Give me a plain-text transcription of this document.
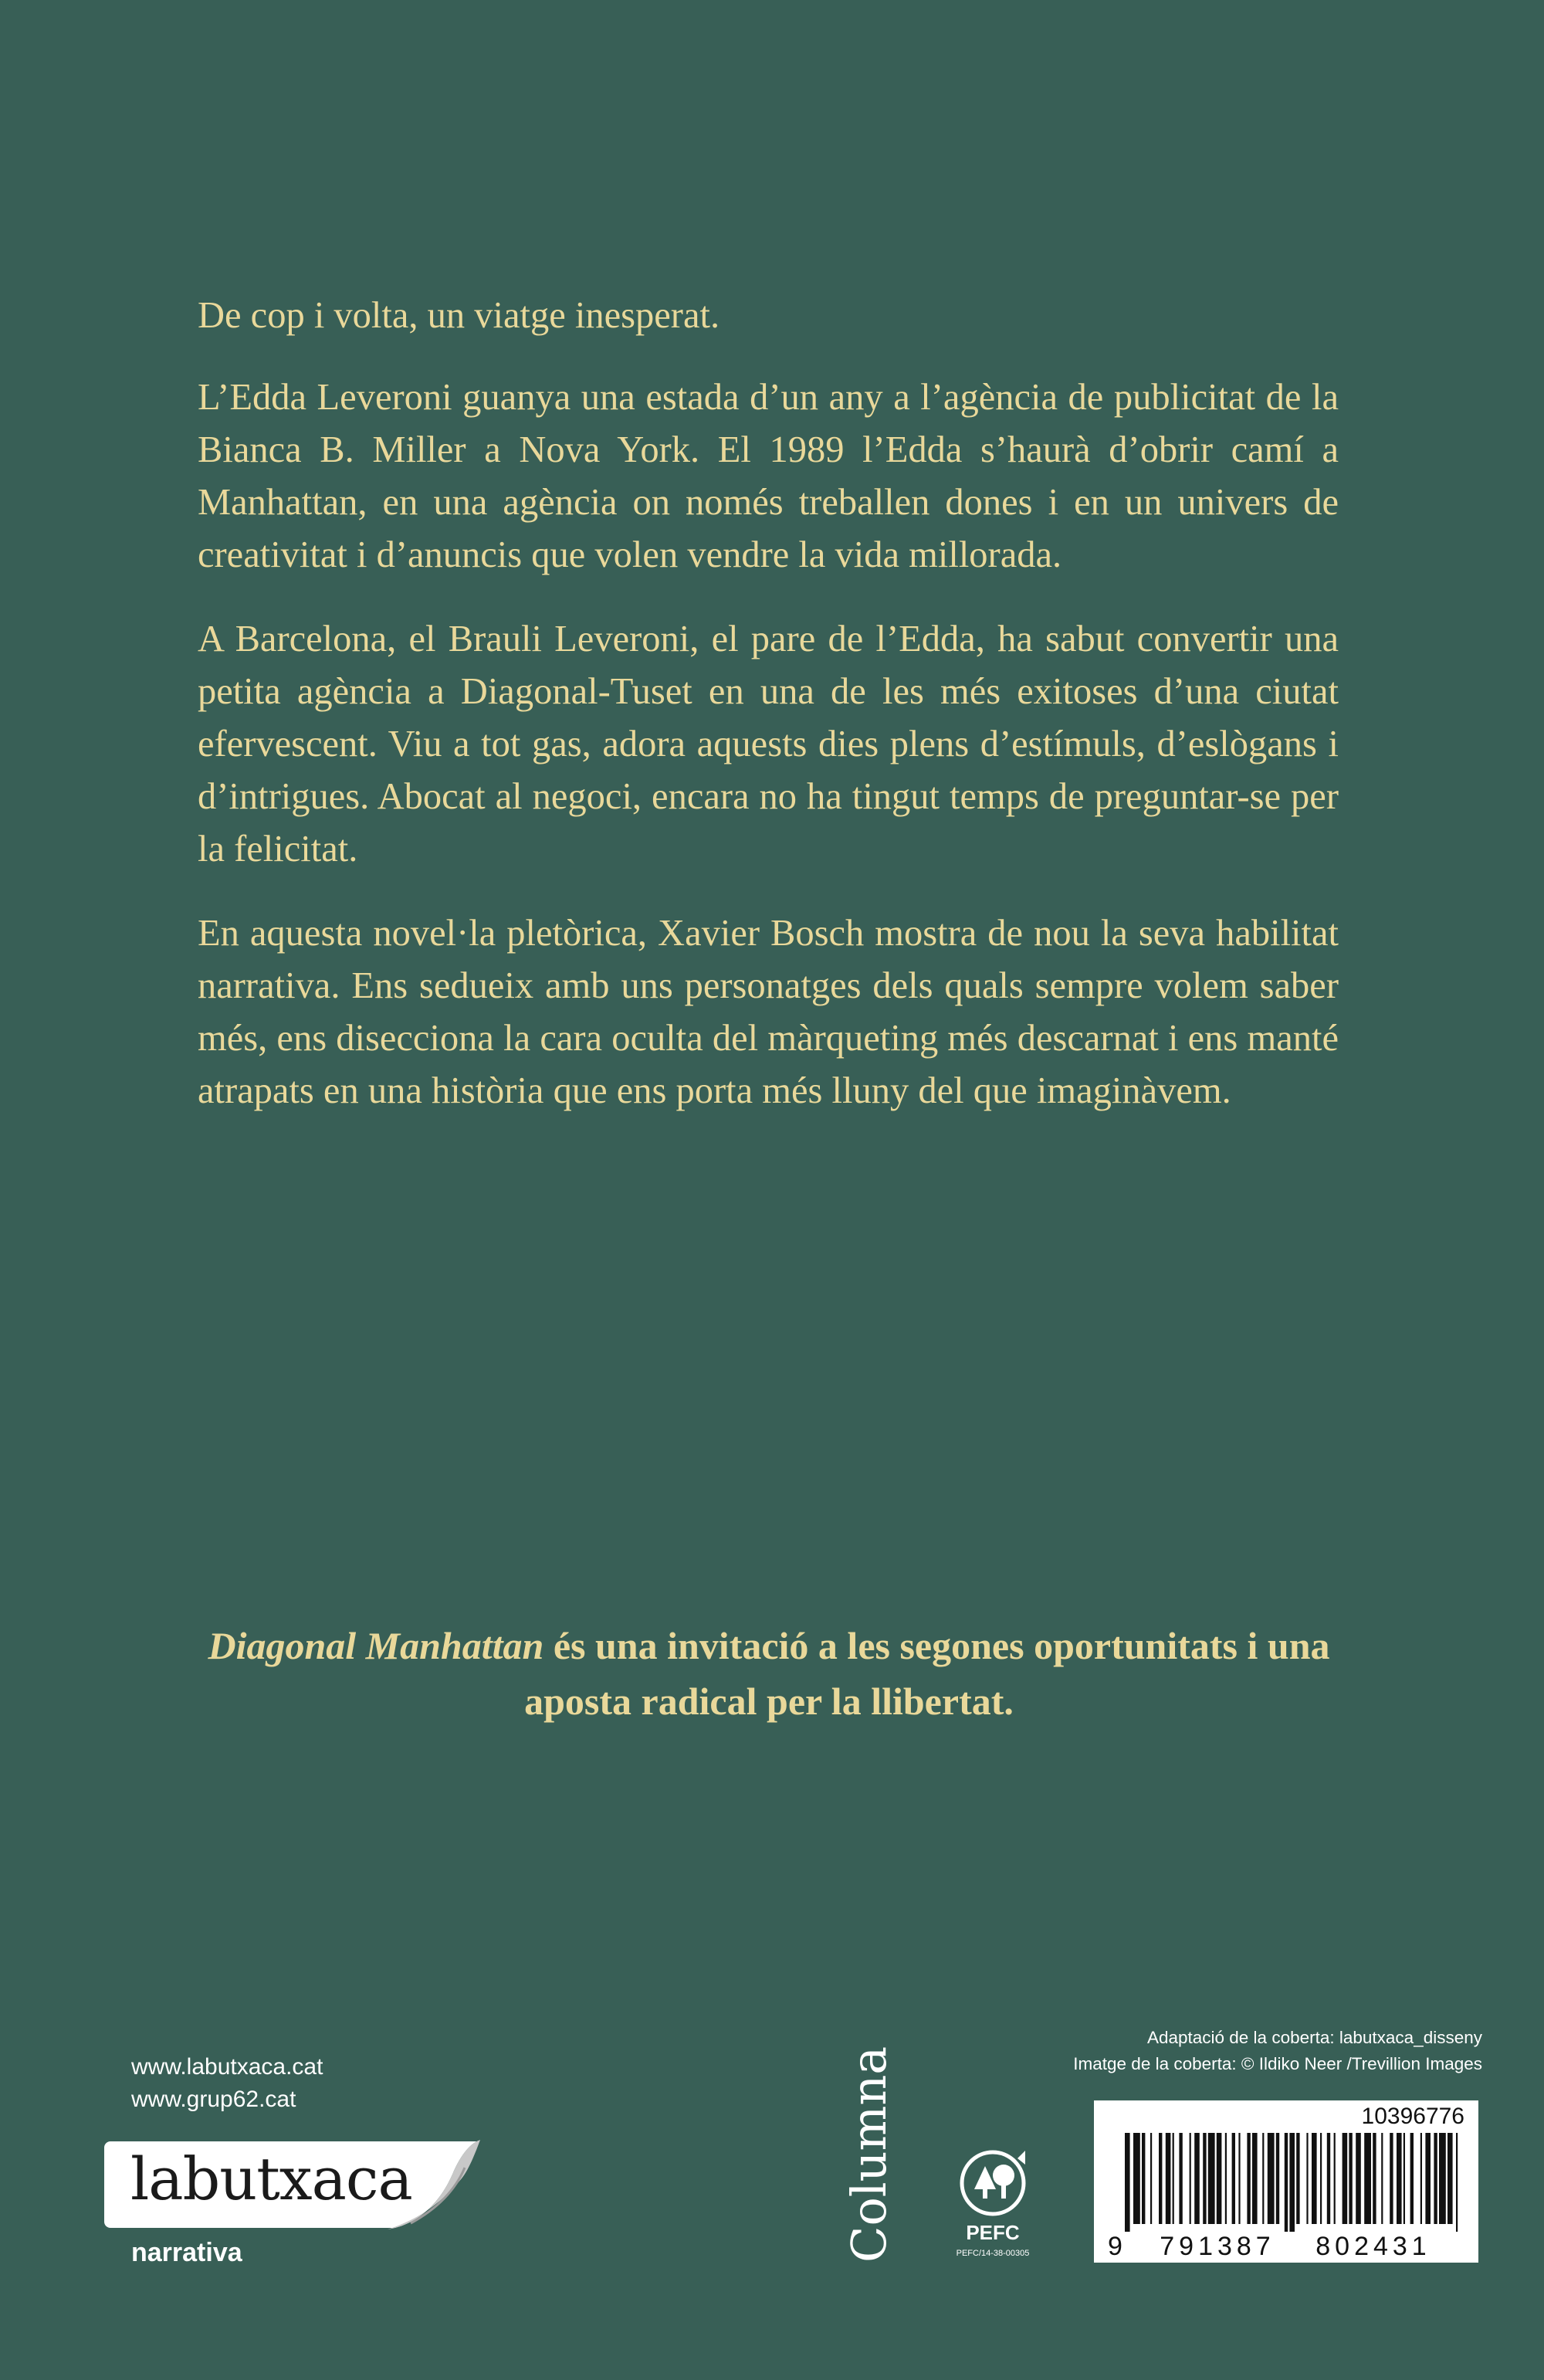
De cop i volta, un viatge inesperat.

L’Edda Leveroni guanya una estada d’un any a l’agència de publicitat de la Bianca B. Miller a Nova York. El 1989 l’Edda s’haurà d’obrir camí a Manhattan, en una agència on només treballen dones i en un univers de creativitat i d’anuncis que volen vendre la vida millorada.

A Barcelona, el Brauli Leveroni, el pare de l’Edda, ha sabut convertir una petita agència a Diagonal-Tuset en una de les més exitoses d’una ciutat efervescent. Viu a tot gas, adora aquests dies plens d’estímuls, d’eslògans i d’intrigues. Abocat al negoci, encara no ha tingut temps de preguntar-se per la felicitat.

En aquesta novel·la pletòrica, Xavier Bosch mostra de nou la seva habilitat narrativa. Ens sedueix amb uns personatges dels quals sempre volem saber més, ens disecciona la cara oculta del màrqueting més descarnat i ens manté atrapats en una història que ens porta més lluny del que imaginàvem.

Diagonal Manhattan és una invitació a les segones oportunitats i una aposta radical per la llibertat.
www.labutxaca.cat
www.grup62.cat
labutxaca
narrativa	Columna	PEFC
PEFC/14-38-00305
Adaptació de la coberta: labutxaca_disseny
Imatge de la coberta: © Ildiko Neer /Trevillion Images
10396776
9 791387 802431
